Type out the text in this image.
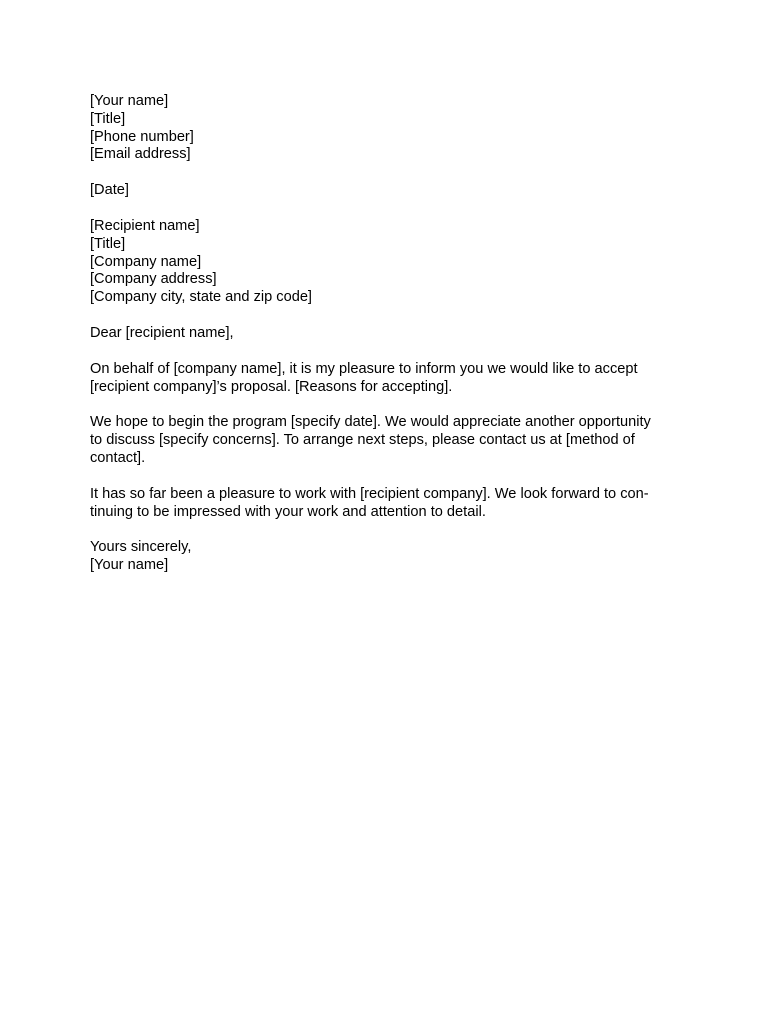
[Your name]
[Title]
[Phone number]
[Email address]
[Date]
[Recipient name]
[Title]
[Company name]
[Company address]
[Company city, state and zip code]
Dear [recipient name],
On behalf of [company name], it is my pleasure to inform you we would like to accept
[recipient company]’s proposal. [Reasons for accepting].
We hope to begin the program [specify date]. We would appreciate another opportunity
to discuss [specify concerns]. To arrange next steps, please contact us at [method of
contact].
It has so far been a pleasure to work with [recipient company]. We look forward to con-
tinuing to be impressed with your work and attention to detail.
Yours sincerely,
[Your name]
